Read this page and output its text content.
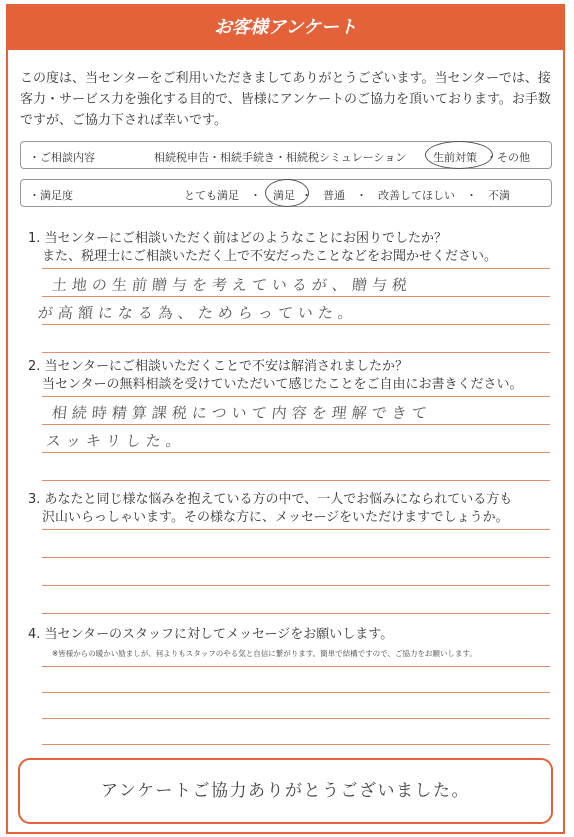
お客様アンケート
この度は、当センターをご利用いただきましてありがとうございます。当センターでは、接客力・サービス力を強化する目的で、皆様にアンケートのご協力を頂いております。お手数ですが、ご協力下されば幸いです。
・ご相談内容	相続税申告・相続手続き・相続税シミュレーション 生前対策 ・その他
・満足度	とても満足　・ 満足 ・　普通　・　改善してほしい　・　不満
1. 当センターにご相談いただく前はどのようなことにお困りでしたか？
また、税理士にご相談いただく上で不安だったことなどをお聞かせください。
土地の生前贈与を考えているが、贈与税
が高額になる為、ためらっていた。
2. 当センターにご相談いただくことで不安は解消されましたか？
当センターの無料相談を受けていただいて感じたことをご自由にお書きください。
相続時精算課税について内容を理解できて
スッキリした。
3. あなたと同じ様な悩みを抱えている方の中で、一人でお悩みになられている方も
沢山いらっしゃいます。その様な方に、メッセージをいただけますでしょうか。
4. 当センターのスタッフに対してメッセージをお願いします。
※皆様からの暖かい励ましが、何よりもスタッフのやる気と自信に繋がります。簡単で結構ですので、ご協力をお願いします。
アンケートご協力ありがとうございました。
